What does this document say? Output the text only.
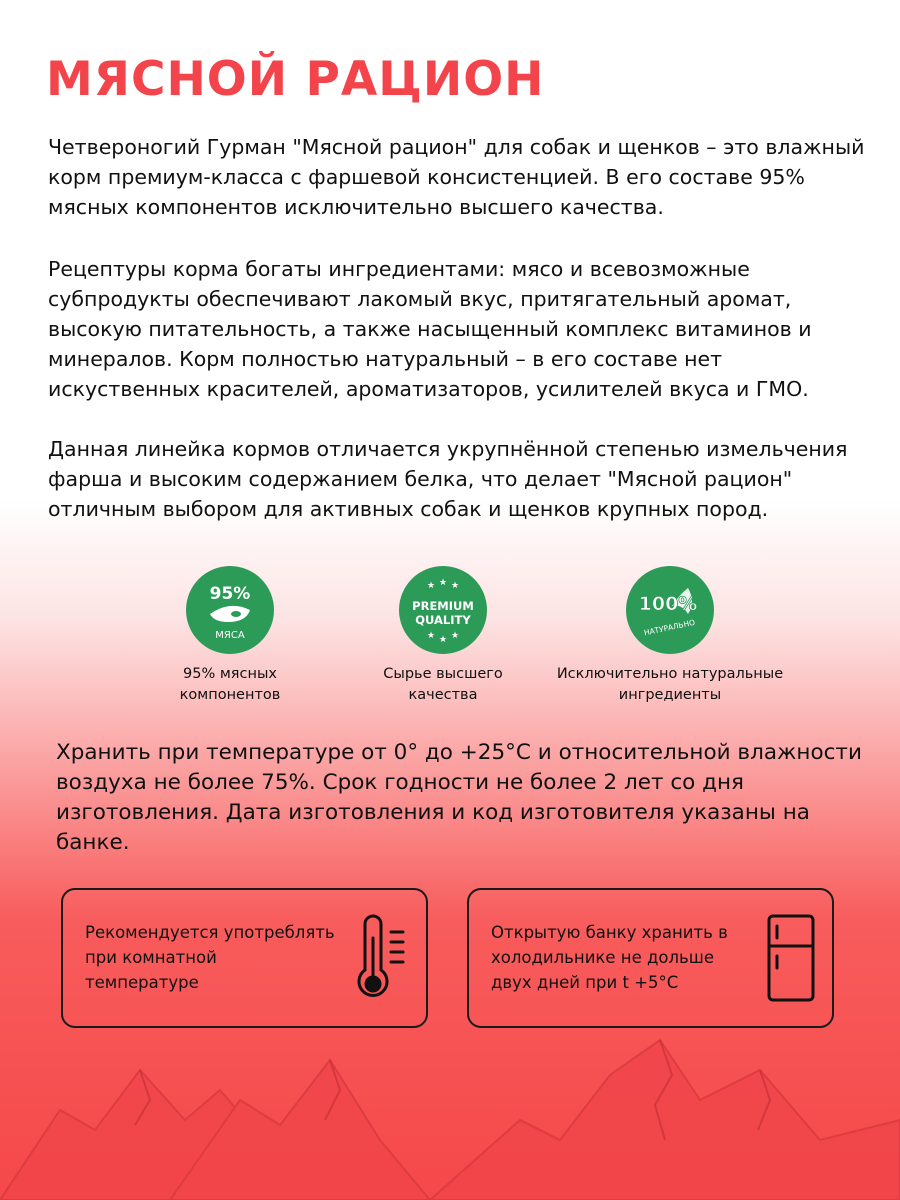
МЯСНОЙ РАЦИОН

Четвероногий Гурман "Мясной рацион" для собак и щенков – это влажный корм премиум-класса с фаршевой консистенцией. В его составе 95% мясных компонентов исключительно высшего качества.

Рецептуры корма богаты ингредиентами: мясо и всевозможные субпродукты обеспечивают лакомый вкус, притягательный аромат, высокую питательность, а также насыщенный комплекс витаминов и минералов. Корм полностью натуральный – в его составе нет искуственных красителей, ароматизаторов, усилителей вкуса и ГМО.

Данная линейка кормов отличается укрупнённой степенью измельчения фарша и высоким содержанием белка, что делает "Мясной рацион" отличным выбором для активных собак и щенков крупных пород.

95%
МЯСА
95% мясных
компонентов
★ ★ ★
PREMIUM
QUALITY
★ ★ ★
Сырье высшего
качества
100%
НАТУРАЛЬНО
Исключительно натуральные
ингредиенты

Хранить при температуре от 0° до +25°С и относительной влажности воздуха не более 75%. Срок годности не более 2 лет со дня изготовления. Дата изготовления и код изготовителя указаны на банке.

Рекомендуется употреблять при комнатной температуре
Открытую банку хранить в холодильнике не дольше двух дней при t +5°С
